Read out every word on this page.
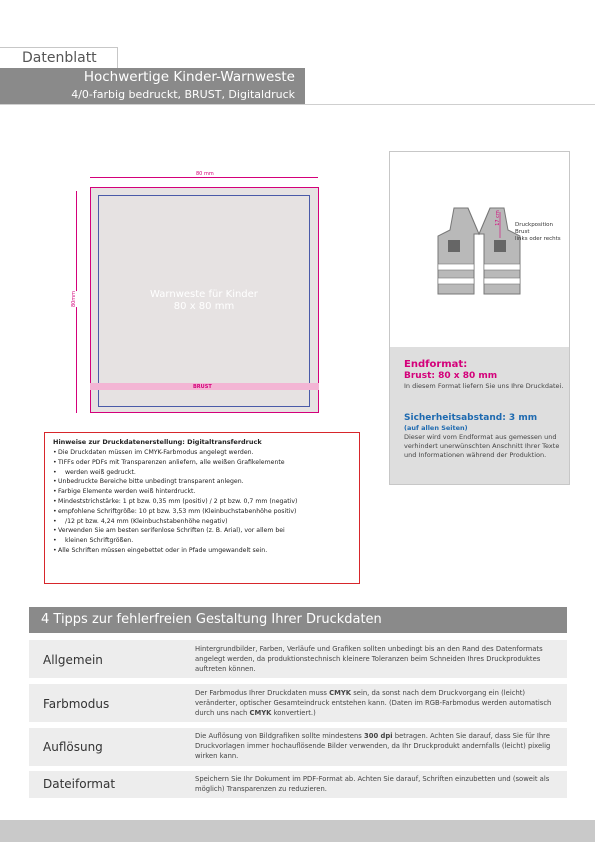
Datenblatt
Hochwertige Kinder-Warnweste
4/0-farbig bedruckt, BRUST, Digitaldruck
80 mm
80mm
BRUST
Warnweste für Kinder
80 x 80 mm
17 cm	Druckposition
Brust
links oder rechts
Endformat:
Brust: 80 x 80 mm
In diesem Format liefern Sie uns Ihre Druckdatei.
Sicherheitsabstand: 3 mm
(auf allen Seiten)
Dieser wird vom Endformat aus gemessen und verhindert unerwünschten Anschnitt Ihrer Texte und Informationen während der Produktion.
Hinweise zur Druckdatenerstellung: Digitaltransferdruck
• Die Druckdaten müssen im CMYK-Farbmodus angelegt werden.
• TIFFs oder PDFs mit Transparenzen anliefern, alle weißen Grafikelemente
• werden weiß gedruckt.
• Unbedruckte Bereiche bitte unbedingt transparent anlegen.
• Farbige Elemente werden weiß hinterdruckt.
• Mindeststrichstärke: 1 pt bzw. 0,35 mm (positiv) / 2 pt bzw. 0,7 mm (negativ)
• empfohlene Schriftgröße: 10 pt bzw. 3,53 mm (Kleinbuchstabenhöhe positiv)
• /12 pt bzw. 4,24 mm (Kleinbuchstabenhöhe negativ)
• Verwenden Sie am besten serifenlose Schriften (z. B. Arial), vor allem bei
• kleinen Schriftgrößen.
• Alle Schriften müssen eingebettet oder in Pfade umgewandelt sein.
4 Tipps zur fehlerfreien Gestaltung Ihrer Druckdaten
Allgemein
Hintergrundbilder, Farben, Verläufe und Grafiken sollten unbedingt bis an den Rand des Datenformats angelegt werden, da produktionstechnisch kleinere Toleranzen beim Schneiden Ihres Druckproduktes auftreten können.
Farbmodus
Der Farbmodus Ihrer Druckdaten muss CMYK sein, da sonst nach dem Druckvorgang ein (leicht) veränderter, optischer Gesamteindruck entstehen kann. (Daten im RGB-Farbmodus werden automatisch durch uns nach CMYK konvertiert.)
Auflösung
Die Auflösung von Bildgrafiken sollte mindestens 300 dpi betragen. Achten Sie darauf, dass Sie für Ihre Druckvorlagen immer hochauflösende Bilder verwenden, da Ihr Druckprodukt andernfalls (leicht) pixelig wirken kann.
Dateiformat	Speichern Sie Ihr Dokument im PDF-Format ab. Achten Sie darauf, Schriften einzubetten und (soweit als möglich) Transparenzen zu reduzieren.
